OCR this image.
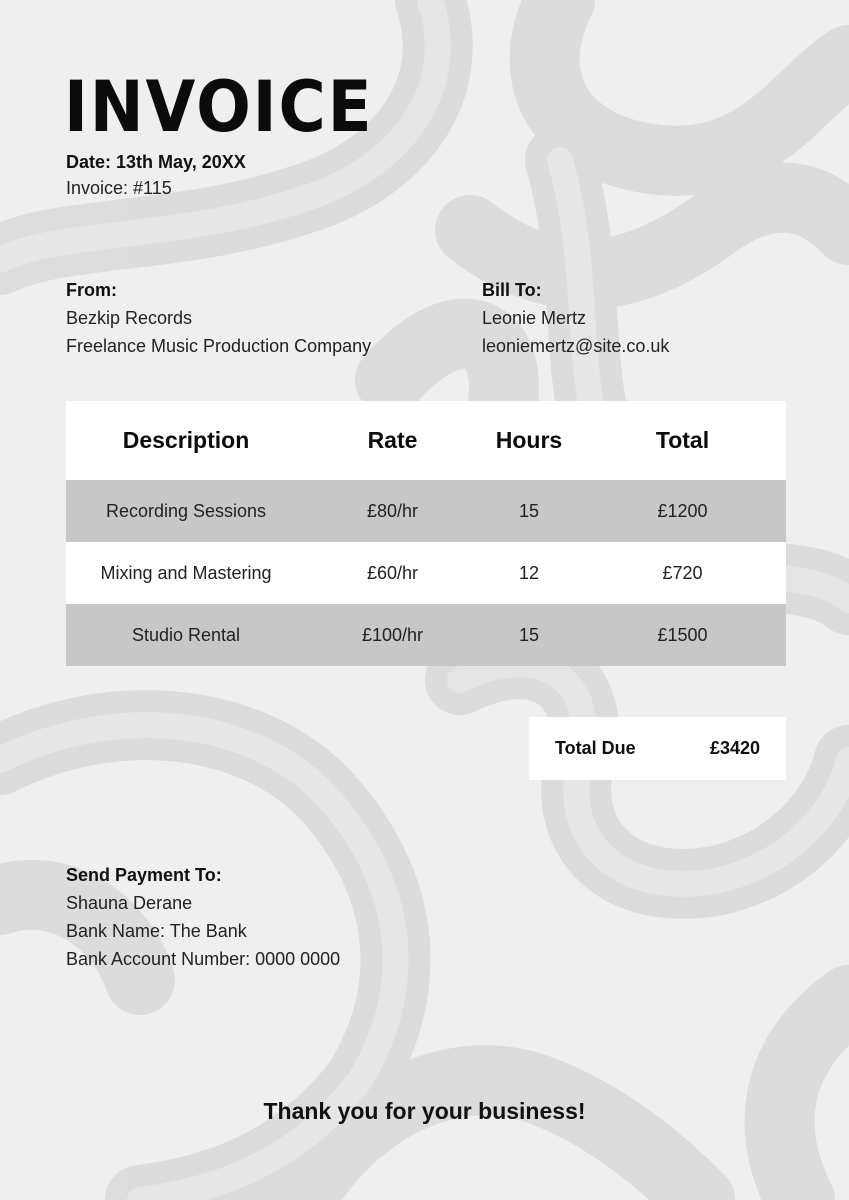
INVOICE
Date: 13th May, 20XX
Invoice: #115
From:
Bezkip Records
Freelance Music Production Company
Bill To:
Leonie Mertz
leoniemertz@site.co.uk
Description	Rate	Hours	Total
Recording Sessions	£80/hr	15	£1200
Mixing and Mastering	£60/hr	12	£720
Studio Rental	£100/hr	15	£1500
Total Due	£3420
Send Payment To:
Shauna Derane
Bank Name: The Bank
Bank Account Number: 0000 0000
Thank you for your business!
